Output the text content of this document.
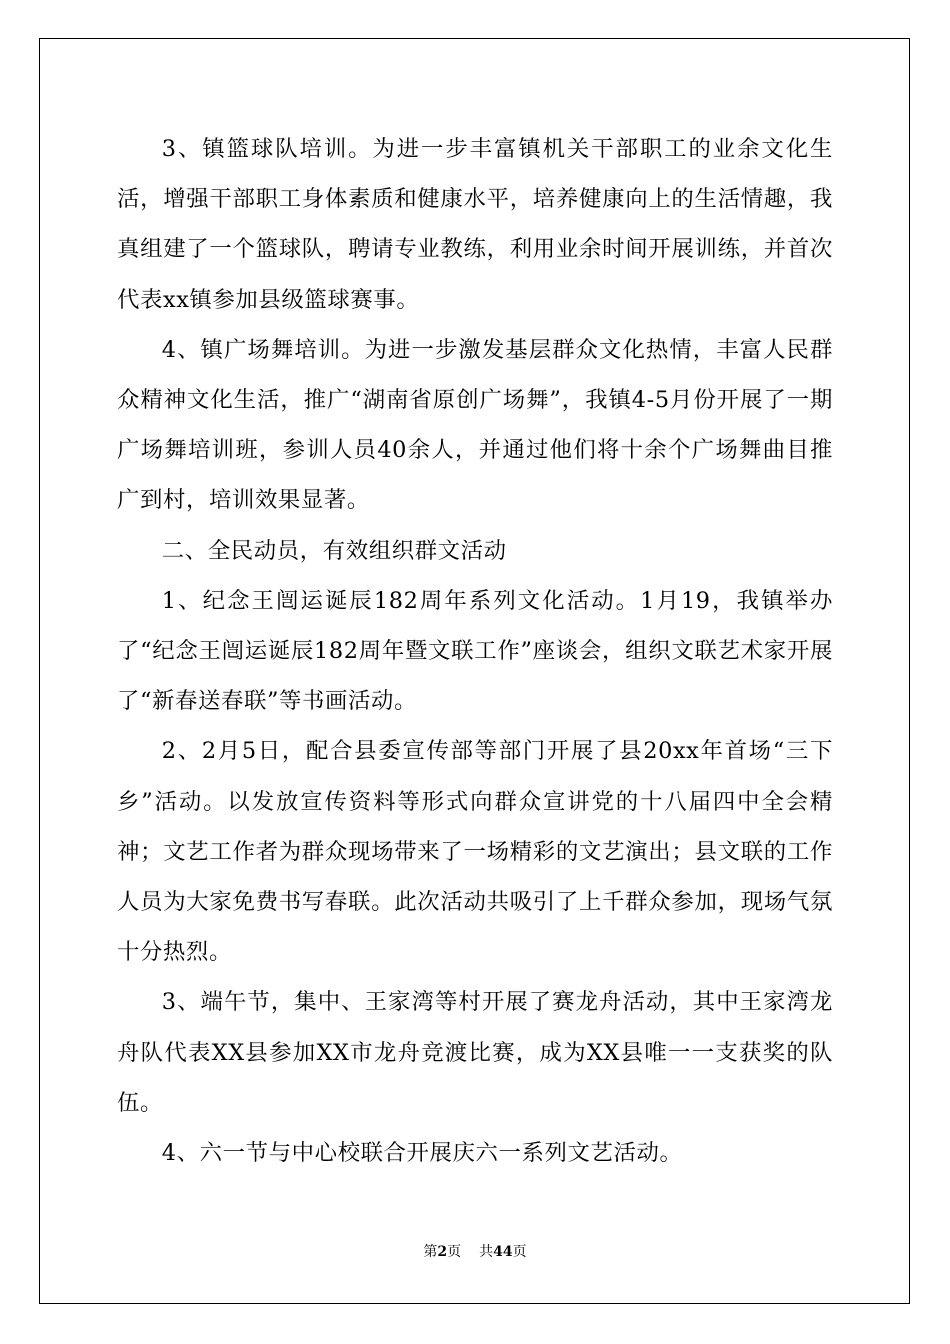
3、镇篮球队培训。为进一步丰富镇机关干部职工的业余文化生活，增强干部职工身体素质和健康水平，培养健康向上的生活情趣，我真组建了一个篮球队，聘请专业教练，利用业余时间开展训练，并首次代表xx镇参加县级篮球赛事。

4、镇广场舞培训。为进一步激发基层群众文化热情，丰富人民群众精神文化生活，推广“湖南省原创广场舞”，我镇4-5月份开展了一期广场舞培训班，参训人员40余人，并通过他们将十余个广场舞曲目推广到村，培训效果显著。

二、全民动员，有效组织群文活动

1、纪念王闿运诞辰182周年系列文化活动。1月19，我镇举办了“纪念王闿运诞辰182周年暨文联工作”座谈会，组织文联艺术家开展了“新春送春联”等书画活动。

2、2月5日，配合县委宣传部等部门开展了县20xx年首场“三下乡”活动。以发放宣传资料等形式向群众宣讲党的十八届四中全会精神；文艺工作者为群众现场带来了一场精彩的文艺演出；县文联的工作人员为大家免费书写春联。此次活动共吸引了上千群众参加，现场气氛十分热烈。

3、端午节，集中、王家湾等村开展了赛龙舟活动，其中王家湾龙舟队代表XX县参加XX市龙舟竞渡比赛，成为XX县唯一一支获奖的队伍。

4、六一节与中心校联合开展庆六一系列文艺活动。

第2页 共44页
